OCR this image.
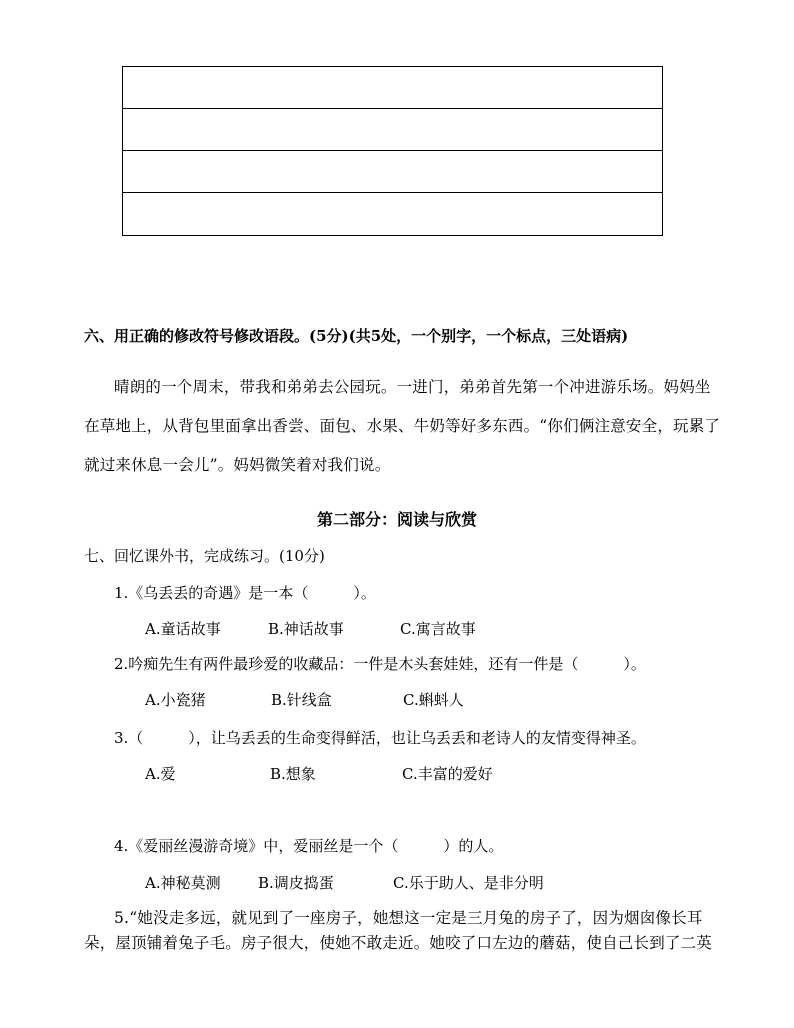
六、用正确的修改符号修改语段。(5分)(共5处，一个别字，一个标点，三处语病)
晴朗的一个周末，带我和弟弟去公园玩。一进门，弟弟首先第一个冲进游乐场。妈妈坐
在草地上，从背包里面拿出香尝、面包、水果、牛奶等好多东西。“你们俩注意安全，玩累了
就过来休息一会儿”。妈妈微笑着对我们说。
第二部分：阅读与欣赏
七、回忆课外书，完成练习。(10分)
1.《乌丢丢的奇遇》是一本（　　　）。
A.童话故事	B.神话故事	C.寓言故事
2.吟痴先生有两件最珍爱的收藏品：一件是木头套娃娃，还有一件是（　　　）。
A.小瓷猪	B.针线盒	C.蝌蚪人
3.（　　　），让乌丢丢的生命变得鲜活，也让乌丢丢和老诗人的友情变得神圣。
A.爱	B.想象	C.丰富的爱好
4.《爱丽丝漫游奇境》中，爱丽丝是一个（　　　）的人。
A.神秘莫测 B.调皮捣蛋	C.乐于助人、是非分明
5.“她没走多远，就见到了一座房子，她想这一定是三月兔的房子了，因为烟囱像长耳
朵，屋顶铺着兔子毛。房子很大，使她不敢走近。她咬了口左边的蘑菇，使自己长到了二英
